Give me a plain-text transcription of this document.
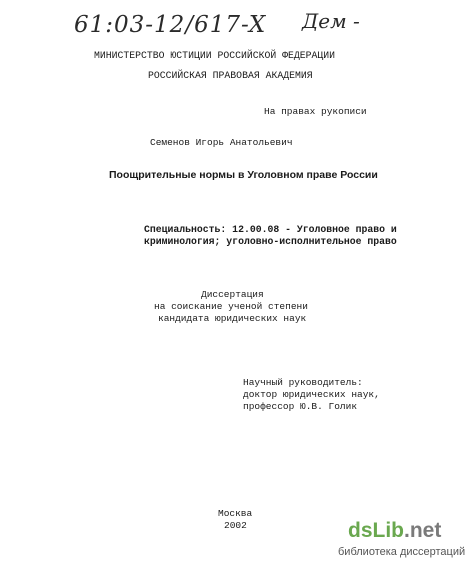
61:03-12/617-X Дем -
МИНИСТЕРСТВО ЮСТИЦИИ РОССИЙСКОЙ ФЕДЕРАЦИИ
РОССИЙСКАЯ ПРАВОВАЯ АКАДЕМИЯ
На правах рукописи
Семенов Игорь Анатольевич
Поощрительные нормы в Уголовном праве России
Специальность: 12.00.08 - Уголовное право и
криминология; уголовно-исполнительное право
Диссертация
на соискание ученой степени
кандидата юридических наук
Научный руководитель:
доктор юридических наук,
профессор Ю.В. Голик
Москва
2002	dsLib.net
библиотека диссертаций
